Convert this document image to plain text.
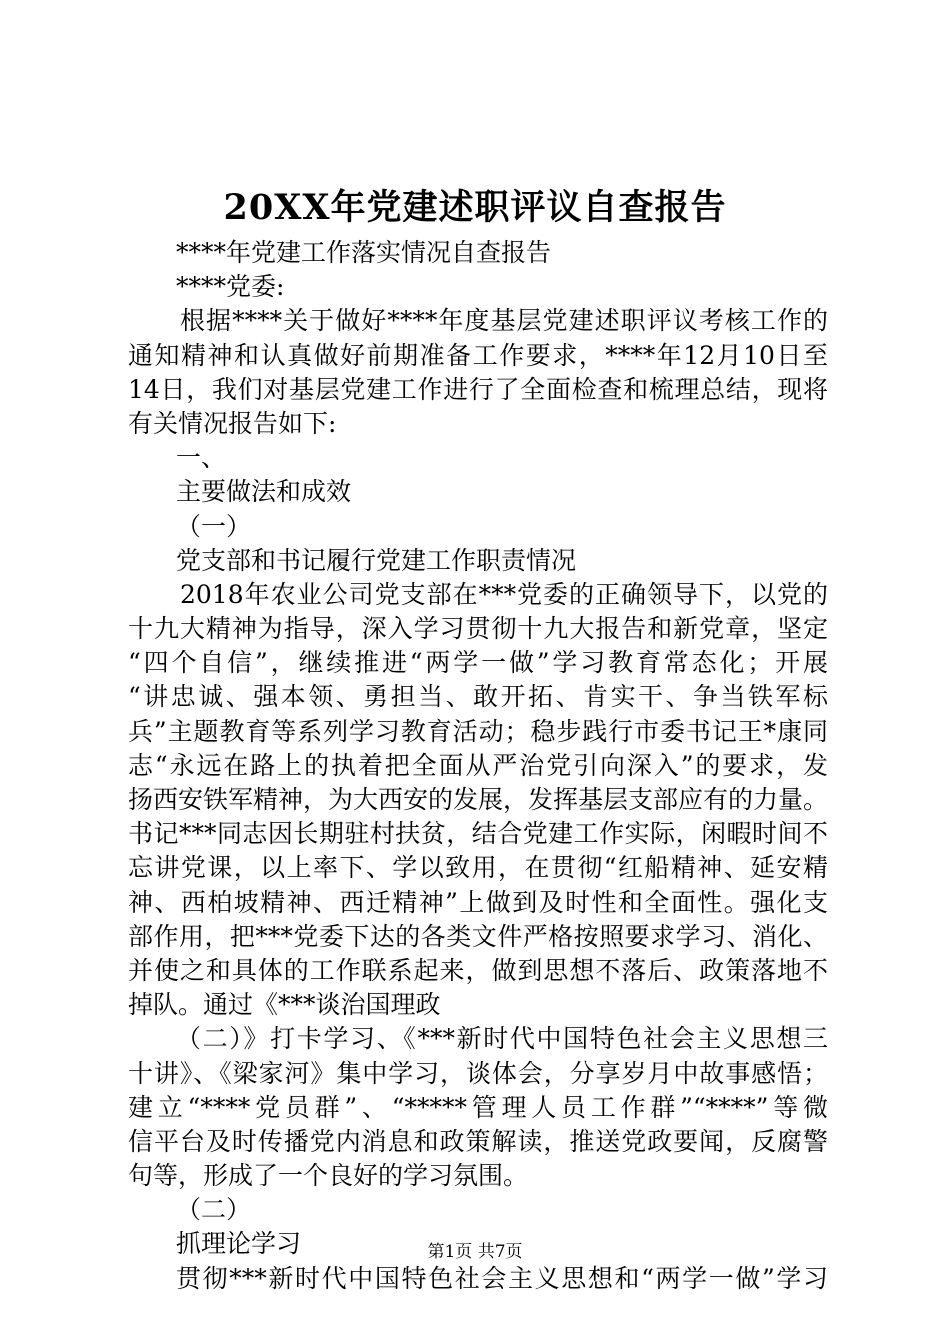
20XX年党建述职评议自查报告
****年党建工作落实情况自查报告
****党委:
根据****关于做好****年度基层党建述职评议考核工作的
通知精神和认真做好前期准备工作要求，****年12月10日至
14日，我们对基层党建工作进行了全面检查和梳理总结，现将
有关情况报告如下:
一、
主要做法和成效
（一）
党支部和书记履行党建工作职责情况
2018年农业公司党支部在***党委的正确领导下，以党的
十九大精神为指导，深入学习贯彻十九大报告和新党章，坚定
“四个自信”，继续推进“两学一做”学习教育常态化；开展
“讲忠诚、强本领、勇担当、敢开拓、肯实干、争当铁军标
兵”主题教育等系列学习教育活动；稳步践行市委书记王*康同
志“永远在路上的执着把全面从严治党引向深入”的要求，发
扬西安铁军精神，为大西安的发展，发挥基层支部应有的力量。
书记***同志因长期驻村扶贫，结合党建工作实际，闲暇时间不
忘讲党课，以上率下、学以致用，在贯彻“红船精神、延安精
神、西柏坡精神、西迁精神”上做到及时性和全面性。强化支
部作用，把***党委下达的各类文件严格按照要求学习、消化、
并使之和具体的工作联系起来，做到思想不落后、政策落地不
掉队。通过《***谈治国理政
（二）》打卡学习、《***新时代中国特色社会主义思想三
十讲》、《梁家河》集中学习，谈体会，分享岁月中故事感悟；
建立“****党员群”、“*****管理人员工作群”“****”等微
信平台及时传播党内消息和政策解读，推送党政要闻，反腐警
句等，形成了一个良好的学习氛围。
（二）
抓理论学习
贯彻***新时代中国特色社会主义思想和“两学一做”学习
第1页 共7页
